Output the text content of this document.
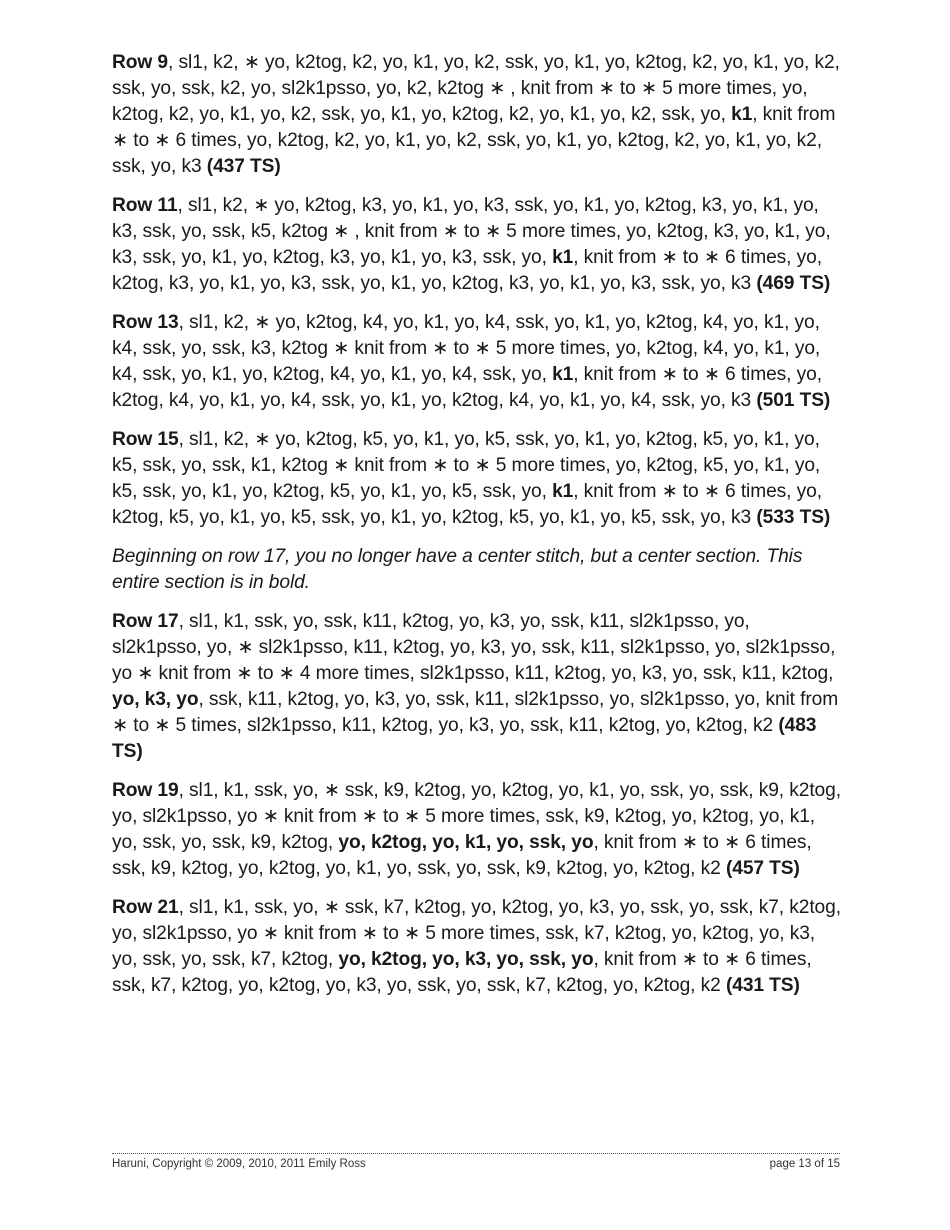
Row 9, sl1, k2, ∗ yo, k2tog, k2, yo, k1, yo, k2, ssk, yo, k1, yo, k2tog, k2, yo, k1, yo, k2, ssk, yo, ssk, k2, yo, sl2k1psso, yo, k2, k2tog ∗ , knit from ∗ to ∗ 5 more times, yo, k2tog, k2, yo, k1, yo, k2, ssk, yo, k1, yo, k2tog, k2, yo, k1, yo, k2, ssk, yo, k1, knit from ∗ to ∗ 6 times, yo, k2tog, k2, yo, k1, yo, k2, ssk, yo, k1, yo, k2tog, k2, yo, k1, yo, k2, ssk, yo, k3 (437 TS)

Row 11, sl1, k2, ∗ yo, k2tog, k3, yo, k1, yo, k3, ssk, yo, k1, yo, k2tog, k3, yo, k1, yo, k3, ssk, yo, ssk, k5, k2tog ∗ , knit from ∗ to ∗ 5 more times, yo, k2tog, k3, yo, k1, yo, k3, ssk, yo, k1, yo, k2tog, k3, yo, k1, yo, k3, ssk, yo, k1, knit from ∗ to ∗ 6 times, yo, k2tog, k3, yo, k1, yo, k3, ssk, yo, k1, yo, k2tog, k3, yo, k1, yo, k3, ssk, yo, k3 (469 TS)

Row 13, sl1, k2, ∗ yo, k2tog, k4, yo, k1, yo, k4, ssk, yo, k1, yo, k2tog, k4, yo, k1, yo, k4, ssk, yo, ssk, k3, k2tog ∗ knit from ∗ to ∗ 5 more times, yo, k2tog, k4, yo, k1, yo, k4, ssk, yo, k1, yo, k2tog, k4, yo, k1, yo, k4, ssk, yo, k1, knit from ∗ to ∗ 6 times, yo, k2tog, k4, yo, k1, yo, k4, ssk, yo, k1, yo, k2tog, k4, yo, k1, yo, k4, ssk, yo, k3 (501 TS)

Row 15, sl1, k2, ∗ yo, k2tog, k5, yo, k1, yo, k5, ssk, yo, k1, yo, k2tog, k5, yo, k1, yo, k5, ssk, yo, ssk, k1, k2tog ∗ knit from ∗ to ∗ 5 more times, yo, k2tog, k5, yo, k1, yo, k5, ssk, yo, k1, yo, k2tog, k5, yo, k1, yo, k5, ssk, yo, k1, knit from ∗ to ∗ 6 times, yo, k2tog, k5, yo, k1, yo, k5, ssk, yo, k1, yo, k2tog, k5, yo, k1, yo, k5, ssk, yo, k3 (533 TS)

Beginning on row 17, you no longer have a center stitch, but a center section. This entire section is in bold.

Row 17, sl1, k1, ssk, yo, ssk, k11, k2tog, yo, k3, yo, ssk, k11, sl2k1psso, yo, sl2k1psso, yo, ∗ sl2k1psso, k11, k2tog, yo, k3, yo, ssk, k11, sl2k1psso, yo, sl2k1psso, yo ∗ knit from ∗ to ∗ 4 more times, sl2k1psso, k11, k2tog, yo, k3, yo, ssk, k11, k2tog, yo, k3, yo, ssk, k11, k2tog, yo, k3, yo, ssk, k11, sl2k1psso, yo, sl2k1psso, yo, knit from ∗ to ∗ 5 times, sl2k1psso, k11, k2tog, yo, k3, yo, ssk, k11, k2tog, yo, k2tog, k2 (483 TS)

Row 19, sl1, k1, ssk, yo, ∗ ssk, k9, k2tog, yo, k2tog, yo, k1, yo, ssk, yo, ssk, k9, k2tog, yo, sl2k1psso, yo ∗ knit from ∗ to ∗ 5 more times, ssk, k9, k2tog, yo, k2tog, yo, k1, yo, ssk, yo, ssk, k9, k2tog, yo, k2tog, yo, k1, yo, ssk, yo, knit from ∗ to ∗ 6 times, ssk, k9, k2tog, yo, k2tog, yo, k1, yo, ssk, yo, ssk, k9, k2tog, yo, k2tog, k2 (457 TS)

Row 21, sl1, k1, ssk, yo, ∗ ssk, k7, k2tog, yo, k2tog, yo, k3, yo, ssk, yo, ssk, k7, k2tog, yo, sl2k1psso, yo ∗ knit from ∗ to ∗ 5 more times, ssk, k7, k2tog, yo, k2tog, yo, k3, yo, ssk, yo, ssk, k7, k2tog, yo, k2tog, yo, k3, yo, ssk, yo, knit from ∗ to ∗ 6 times, ssk, k7, k2tog, yo, k2tog, yo, k3, yo, ssk, yo, ssk, k7, k2tog, yo, k2tog, k2 (431 TS)

Haruni, Copyright © 2009, 2010, 2011 Emily Ross	page 13 of 15
